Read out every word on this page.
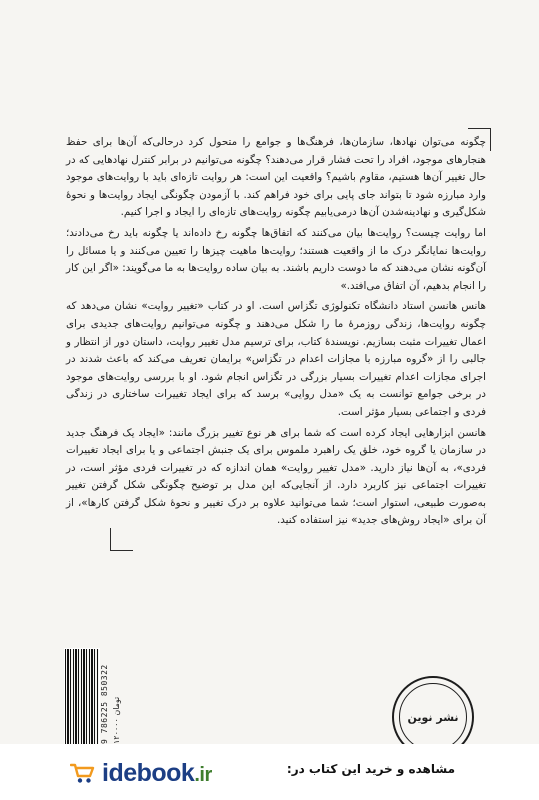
چگونه می‌توان نهادها، سازمان‌ها، فرهنگ‌ها و جوامع را متحول کرد درحالی‌که آن‌ها برای حفظ هنجارهای موجود، افراد را تحت فشار قرار می‌دهند؟ چگونه می‌توانیم در برابر کنترل نهادهایی که در حال تغییر آن‌ها هستیم، مقاوم باشیم؟ واقعیت این است: هر روایت تازه‌ای باید با روایت‌های موجود وارد مبارزه شود تا بتواند جای پایی برای خود فراهم کند. با آزمودن چگونگی ایجاد روایت‌ها و نحوهٔ شکل‌گیری و نهادینه‌شدن آن‌ها درمی‌یابیم چگونه روایت‌های تازه‌ای را ایجاد و اجرا کنیم.

اما روایت چیست؟ روایت‌ها بیان می‌کنند که اتفاق‌ها چگونه رخ داده‌اند یا چگونه باید رخ می‌دادند؛ روایت‌ها نمایانگر درک ما از واقعیت هستند؛ روایت‌ها ماهیت چیزها را تعیین می‌کنند و یا مسائل را آن‌گونه نشان می‌دهند که ما دوست داریم باشند. به بیان ساده روایت‌ها به ما می‌گویند: «اگر این کار را انجام بدهیم، آن اتفاق می‌افتد.»

هانس هانسن استاد دانشگاه تکنولوژی تگزاس است. او در کتاب «تغییر روایت» نشان می‌دهد که چگونه روایت‌ها، زندگی روزمرهٔ ما را شکل می‌دهند و چگونه می‌توانیم روایت‌های جدیدی برای اعمال تغییرات مثبت بسازیم. نویسندهٔ کتاب، برای ترسیم مدل تغییر روایت، داستان دور از انتظار و جالبی را از «گروه مبارزه با مجازات اعدام در تگزاس» برایمان تعریف می‌کند که باعث شدند در اجرای مجازات اعدام تغییرات بسیار بزرگی در تگزاس انجام شود. او با بررسی روایت‌های موجود در برخی جوامع توانست به یک «مدل روایی» برسد که برای ایجاد تغییرات ساختاری در زندگی فردی و اجتماعی بسیار مؤثر است.

هانسن ابزارهایی ایجاد کرده است که شما برای هر نوع تغییر بزرگ مانند: «ایجاد یک فرهنگ جدید در سازمان یا گروه خود، خلق یک راهبرد ملموس برای یک جنبش اجتماعی و یا برای ایجاد تغییرات فردی»، به آن‌ها نیاز دارید. «مدل تغییر روایت» همان اندازه که در تغییرات فردی مؤثر است، در تغییرات اجتماعی نیز کاربرد دارد. از آنجایی‌که این مدل بر توضیح چگونگی شکل گرفتن تغییر به‌صورت طبیعی، استوار است؛ شما می‌توانید علاوه بر درک تغییر و نحوهٔ شکل گرفتن کارها»، از آن برای «ایجاد روش‌های جدید» نیز استفاده کنید.

9 786225 850322 ۱۲۰۰۰۰ تومان
نشر نوین
idebook.ir	مشاهده و خرید این کتاب در:
